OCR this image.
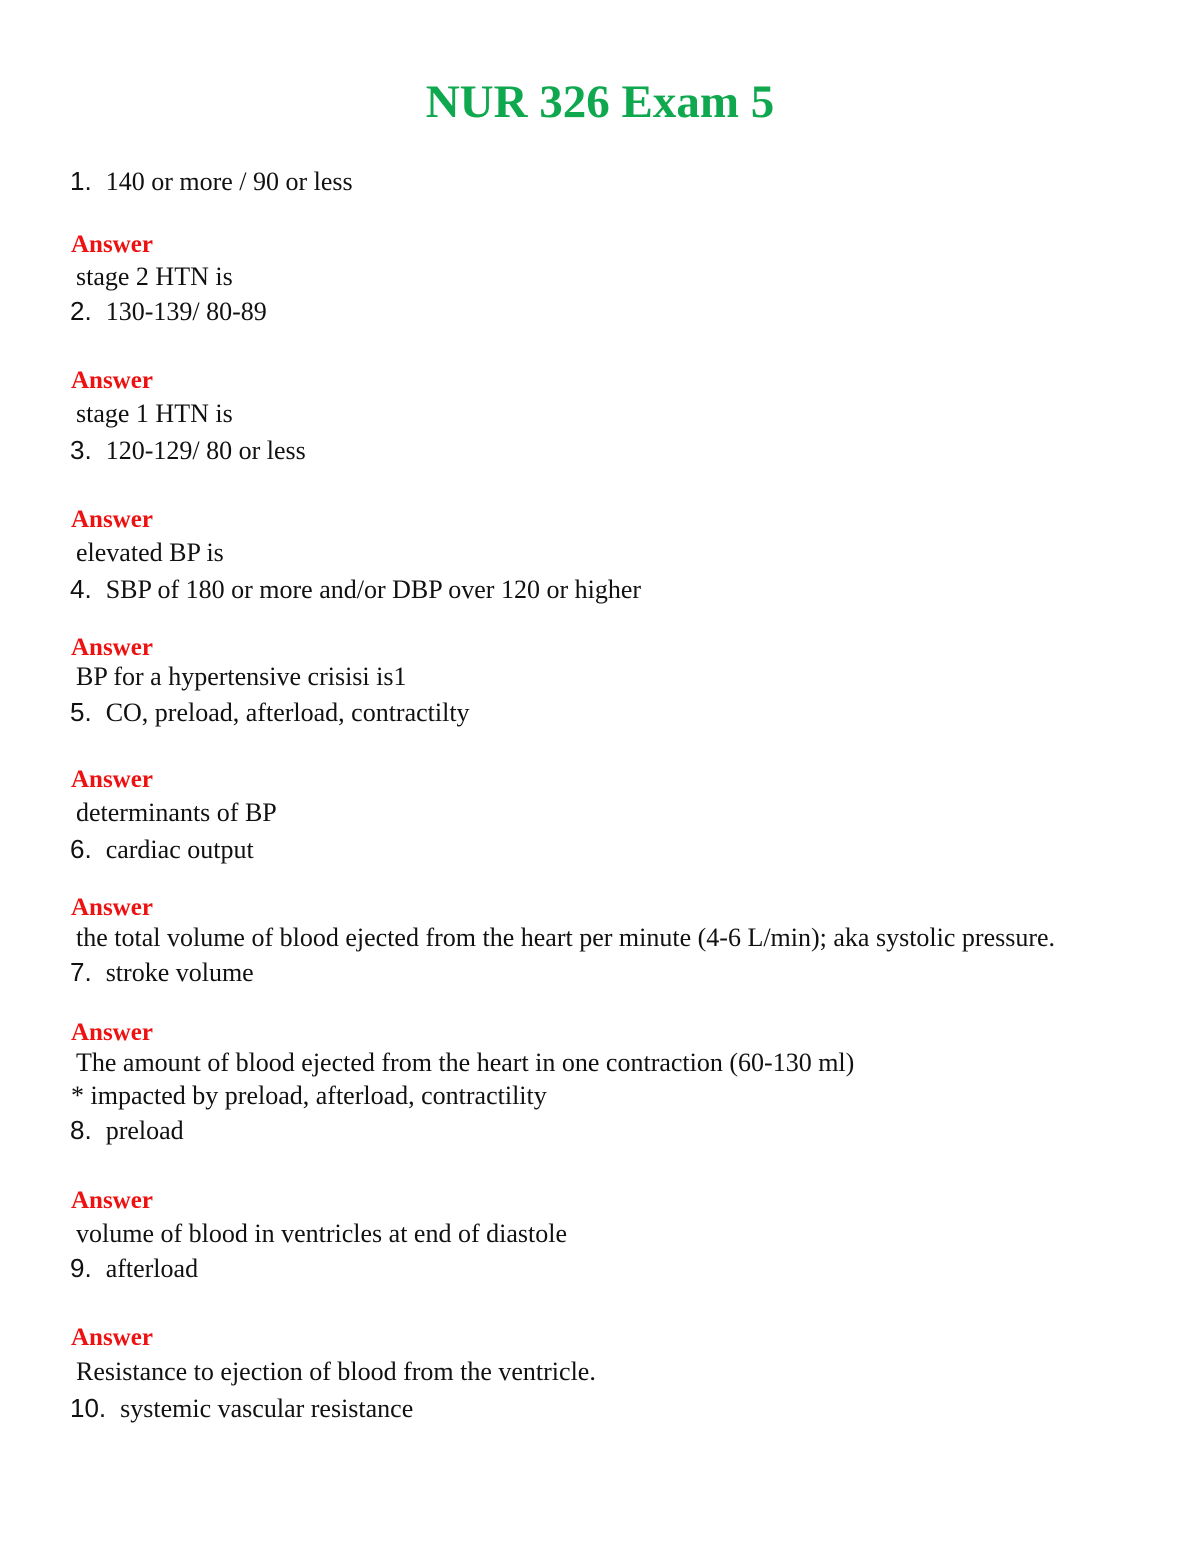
NUR 326 Exam 5
1. 140 or more / 90 or less
Answer
stage 2 HTN is
2. 130-139/ 80-89
Answer
stage 1 HTN is
3. 120-129/ 80 or less
Answer
elevated BP is
4. SBP of 180 or more and/or DBP over 120 or higher
Answer
BP for a hypertensive crisisi is1
5. CO, preload, afterload, contractilty
Answer
determinants of BP
6. cardiac output
Answer
the total volume of blood ejected from the heart per minute (4-6 L/min); aka systolic pressure.
7. stroke volume
Answer
The amount of blood ejected from the heart in one contraction (60-130 ml)
* impacted by preload, afterload, contractility
8. preload
Answer
volume of blood in ventricles at end of diastole
9. afterload
Answer
Resistance to ejection of blood from the ventricle.
10. systemic vascular resistance
